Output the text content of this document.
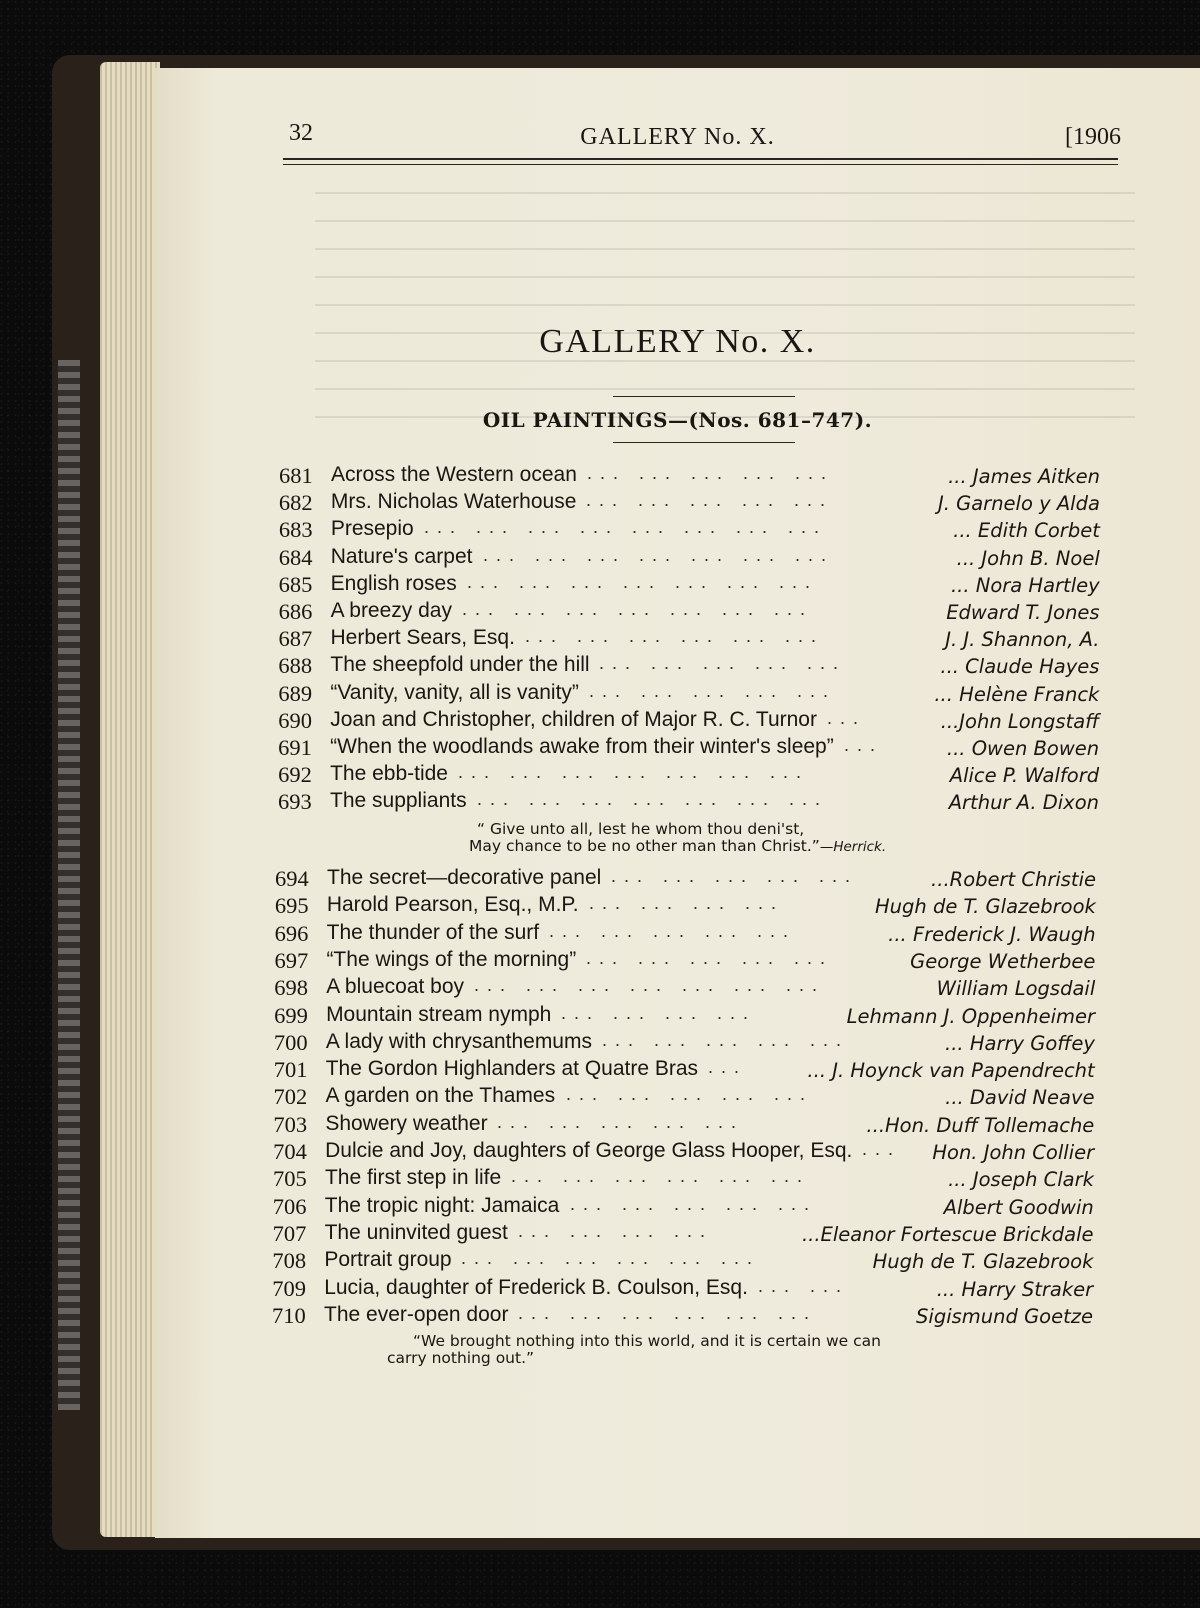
32	GALLERY No. X.	[1906
GALLERY No. X.
OIL PAINTINGS—(Nos. 681–747).
681 Across the Western ocean	... James Aitken
... ... ... ... ...
682 Mrs. Nicholas Waterhouse	J. Garnelo y Alda
... ... ... ... ...
683 Presepio	... Edith Corbet
... ... ... ... ... ... ... ...
684 Nature's carpet	... John B. Noel
... ... ... ... ... ... ...
685 English roses	... Nora Hartley
... ... ... ... ... ... ...
686 A breezy day	Edward T. Jones
... ... ... ... ... ... ...
687 Herbert Sears, Esq.	J. J. Shannon, A.
... ... ... ... ... ...
688 The sheepfold under the hill	... Claude Hayes
... ... ... ... ...
689 “Vanity, vanity, all is vanity”	... Helène Franck
... ... ... ... ...
690 Joan and Christopher, children of Major R. C. Turnor	...John Longstaff
...
691 “When the woodlands awake from their winter's sleep”	... Owen Bowen
...
692 The ebb-tide	Alice P. Walford
... ... ... ... ... ... ...
693 The suppliants	Arthur A. Dixon
... ... ... ... ... ... ...
694 The secret—decorative panel	...Robert Christie
... ... ... ... ...
695 Harold Pearson, Esq., M.P.	Hugh de T. Glazebrook
... ... ... ...
696 The thunder of the surf	... Frederick J. Waugh
... ... ... ... ...
697 “The wings of the morning”	George Wetherbee
... ... ... ... ...
698 A bluecoat boy	William Logsdail
... ... ... ... ... ... ...
699 Mountain stream nymph	Lehmann J. Oppenheimer
... ... ... ...
700 A lady with chrysanthemums	... Harry Goffey
... ... ... ... ...
701 The Gordon Highlanders at Quatre Bras	... J. Hoynck van Papendrecht
...
702 A garden on the Thames	... David Neave
... ... ... ... ...
703 Showery weather	...Hon. Duff Tollemache
... ... ... ... ...
704 Dulcie and Joy, daughters of George Glass Hooper, Esq.	Hon. John Collier
...
705 The first step in life	... Joseph Clark
... ... ... ... ... ...
706 The tropic night: Jamaica	Albert Goodwin
... ... ... ... ...
707 The uninvited guest	...Eleanor Fortescue Brickdale
... ... ... ...
708 Portrait group	Hugh de T. Glazebrook
... ... ... ... ... ...
709 Lucia, daughter of Frederick B. Coulson, Esq.	... Harry Straker
... ...
710 The ever-open door	Sigismund Goetze
... ... ... ... ... ...
“ Give unto all, lest he whom thou deni'st,
May chance to be no other man than Christ.”—Herrick.
“We brought nothing into this world, and it is certain we can
carry nothing out.”
